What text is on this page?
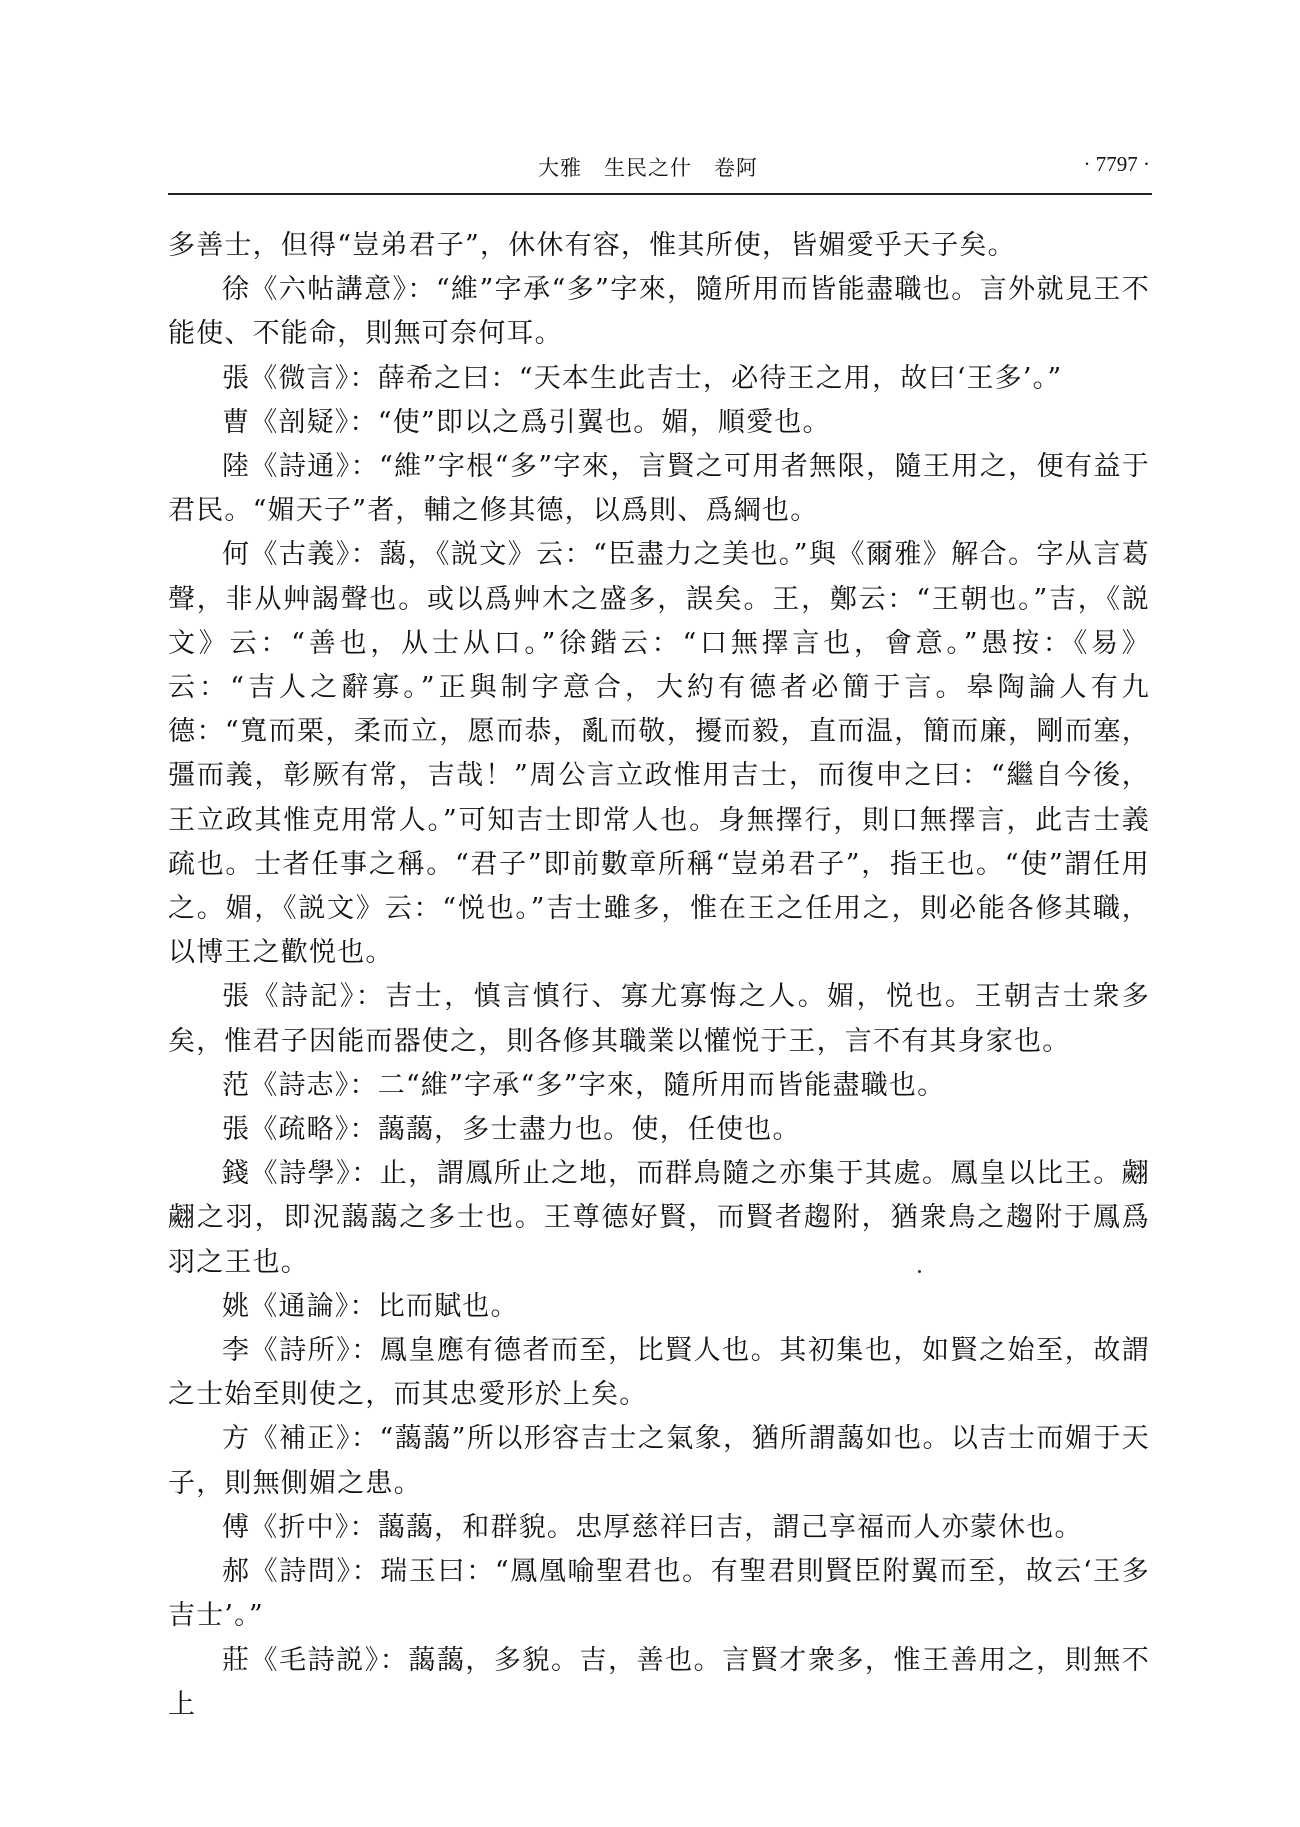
大雅　生民之什　卷阿	· 7797 ·

多善士，但得“豈弟君子”，休休有容，惟其所使，皆媚愛乎天子矣。

徐《六帖講意》：“維”字承“多”字來，隨所用而皆能盡職也。言外就見王不能使、不能命，則無可奈何耳。

張《微言》：薛希之曰：“天本生此吉士，必待王之用，故曰‘王多’。”

曹《剖疑》：“使”即以之爲引翼也。媚，順愛也。

陸《詩通》：“維”字根“多”字來，言賢之可用者無限，隨王用之，便有益于君民。“媚天子”者，輔之修其德，以爲則、爲綱也。

何《古義》：藹，《説文》云：“臣盡力之美也。”與《爾雅》解合。字从言葛聲，非从艸謁聲也。或以爲艸木之盛多，誤矣。王，鄭云：“王朝也。”吉，《説文》云：“善也，从士从口。”徐鍇云：“口無擇言也，會意。”愚按：《易》云：“吉人之辭寡。”正與制字意合，大約有德者必簡于言。皋陶論人有九德：“寬而栗，柔而立，愿而恭，亂而敬，擾而毅，直而温，簡而廉，剛而塞，彊而義，彰厥有常，吉哉！”周公言立政惟用吉士，而復申之曰：“繼自今後，王立政其惟克用常人。”可知吉士即常人也。身無擇行，則口無擇言，此吉士義疏也。士者任事之稱。“君子”即前數章所稱“豈弟君子”，指王也。“使”謂任用之。媚，《説文》云：“悦也。”吉士雖多，惟在王之任用之，則必能各修其職，以博王之歡悦也。

張《詩記》：吉士，慎言慎行、寡尤寡悔之人。媚，悦也。王朝吉士衆多矣，惟君子因能而器使之，則各修其職業以懽悦于王，言不有其身家也。

范《詩志》：二“維”字承“多”字來，隨所用而皆能盡職也。

張《疏略》：藹藹，多士盡力也。使，任使也。

錢《詩學》：止，謂鳳所止之地，而群鳥隨之亦集于其處。鳳皇以比王。翽翽之羽，即況藹藹之多士也。王尊德好賢，而賢者趨附，猶衆鳥之趨附于鳳爲羽之王也。

姚《通論》：比而賦也。

李《詩所》：鳳皇應有德者而至，比賢人也。其初集也，如賢之始至，故謂之士始至則使之，而其忠愛形於上矣。

方《補正》：“藹藹”所以形容吉士之氣象，猶所謂藹如也。以吉士而媚于天子，則無側媚之患。

傅《折中》：藹藹，和群貌。忠厚慈祥曰吉，謂己享福而人亦蒙休也。

郝《詩問》：瑞玉曰：“鳳凰喻聖君也。有聖君則賢臣附翼而至，故云‘王多吉士’。”

莊《毛詩説》：藹藹，多貌。吉，善也。言賢才衆多，惟王善用之，則無不上
